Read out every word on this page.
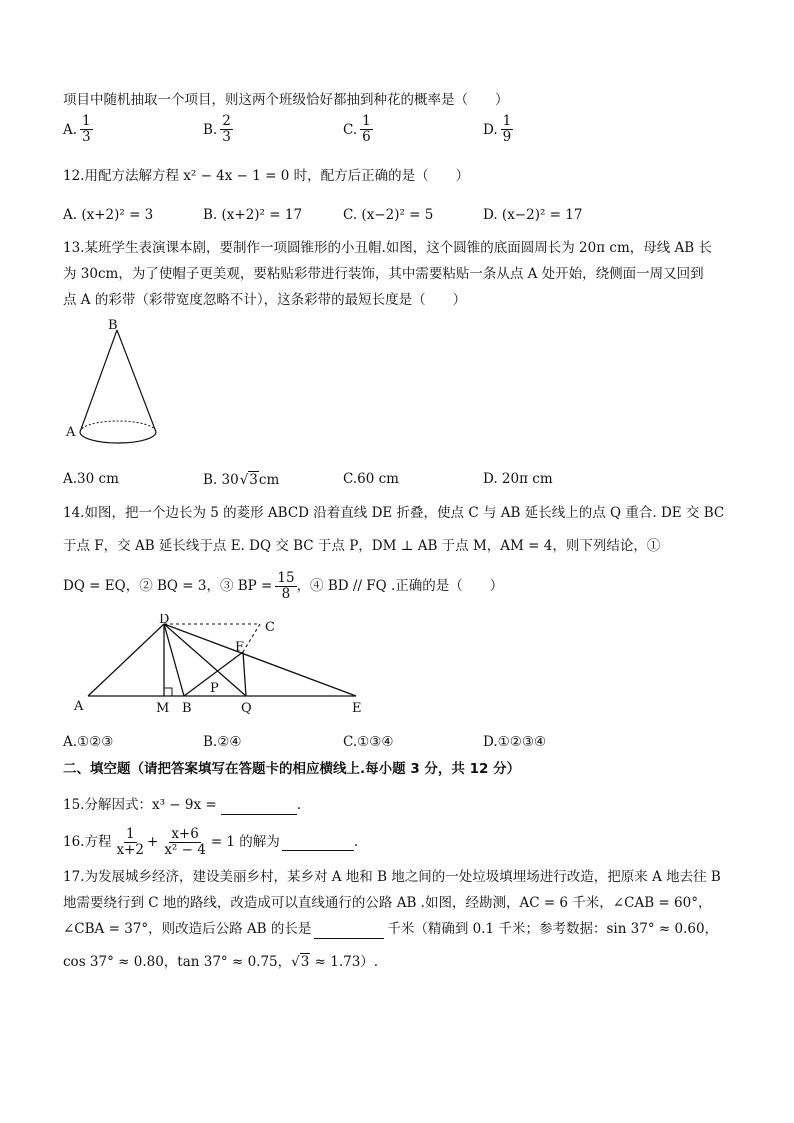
项目中随机抽取一个项目，则这两个班级恰好都抽到种花的概率是（　　）
A. $\frac{1}{3}$	B. $\frac{2}{3}$	C. $\frac{1}{6}$	D. $\frac{1}{9}$
12.用配方法解方程 x² − 4x − 1 = 0 时，配方后正确的是（　　）
A. (x+2)² = 3	B. (x+2)² = 17	C. (x−2)² = 5	D. (x−2)² = 17
13.某班学生表演课本剧，要制作一项圆锥形的小丑帽.如图，这个圆锥的底面圆周长为 20π cm，母线 AB 长
为 30cm，为了使帽子更美观，要粘贴彩带进行装饰，其中需要粘贴一条从点 A 处开始，绕侧面一周又回到
点 A 的彩带（彩带宽度忽略不计），这条彩带的最短长度是（　　）
B
A
A.30 cm	B. 30 √ 3 cm	C.60 cm	D. 20π cm
14.如图，把一个边长为 5 的菱形 ABCD 沿着直线 DE 折叠，使点 C 与 AB 延长线上的点 Q 重合. DE 交 BC
于点 F，交 AB 延长线于点 E. DQ 交 BC 于点 P，DM ⊥ AB 于点 M，AM = 4，则下列结论，①
DQ = EQ，② BQ = 3，③ BP = $\frac{15}{8}$ ，④ BD // FQ .正确的是（　　）
D
C
F
P
A	M B	Q	E
A.①②③	B.②④	C.①③④	D.①②③④
二、填空题（请把答案填写在答题卡的相应横线上.每小题 3 分，共 12 分）
15.分解因式：x³ − 9x =	.
16.方程 $\frac{1}{x+2} + \frac{x+6}{\text{x² − 4}} = 1$ 的解为	.
17.为发展城乡经济，建设美丽乡村，某乡对 A 地和 B 地之间的一处垃圾填埋场进行改造，把原来 A 地去往 B
地需要绕行到 C 地的路线，改造成可以直线通行的公路 AB .如图，经勘测，AC = 6 千米，∠CAB = 60°，
∠CBA = 37°，则改造后公路 AB 的长是	千米（精确到 0.1 千米；参考数据：sin 37° ≈ 0.60，
cos 37° ≈ 0.80，tan 37° ≈ 0.75，√3 ≈ 1.73）.
